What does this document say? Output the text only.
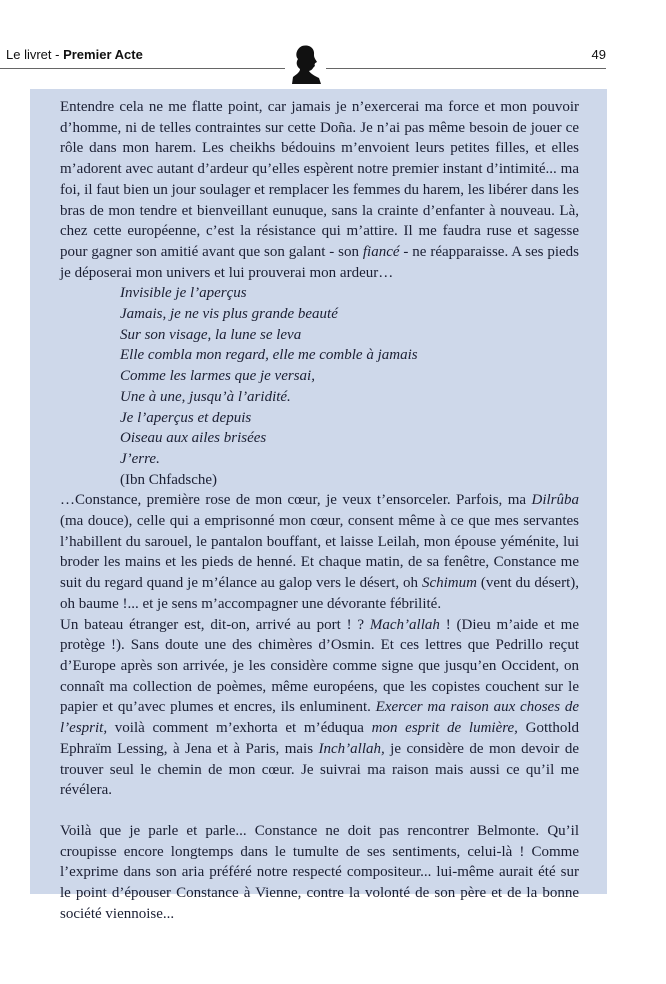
Le livret - Premier Acte	49

Entendre cela ne me flatte point, car jamais je n’exercerai ma force et mon pouvoir d’homme, ni de telles contraintes sur cette Doña. Je n’ai pas même besoin de jouer ce rôle dans mon harem. Les cheikhs bédouins m’envoient leurs petites filles, et elles m’adorent avec autant d’ardeur qu’elles espèrent notre premier instant d’intimité... ma foi, il faut bien un jour soulager et remplacer les femmes du harem, les libérer dans les bras de mon tendre et bienveillant eunuque, sans la crainte d’enfanter à nouveau. Là, chez cette européenne, c’est la résistance qui m’attire. Il me faudra ruse et sagesse pour gagner son amitié avant que son galant - son fiancé - ne réapparaisse. A ses pieds je déposerai mon univers et lui prouverai mon ardeur…

Invisible je l’aperçus
Jamais, je ne vis plus grande beauté
Sur son visage, la lune se leva
Elle combla mon regard, elle me comble à jamais
Comme les larmes que je versai,
Une à une, jusqu’à l’aridité.
Je l’aperçus et depuis
Oiseau aux ailes brisées
J’erre.
(Ibn Chfadsche)

…Constance, première rose de mon cœur, je veux t’ensorceler. Parfois, ma Dilrûba (ma douce), celle qui a emprisonné mon cœur, consent même à ce que mes servantes l’habillent du sarouel, le pantalon bouffant, et laisse Leilah, mon épouse yéménite, lui broder les mains et les pieds de henné. Et chaque matin, de sa fenêtre, Constance me suit du regard quand je m’élance au galop vers le désert, oh Schimum (vent du désert), oh baume !... et je sens m’accompagner une dévorante fébrilité.

Un bateau étranger est, dit-on, arrivé au port ! ? Mach’allah ! (Dieu m’aide et me protège !). Sans doute une des chimères d’Osmin. Et ces lettres que Pedrillo reçut d’Europe après son arrivée, je les considère comme signe que jusqu’en Occident, on connaît ma collection de poèmes, même européens, que les copistes couchent sur le papier et qu’avec plumes et encres, ils enluminent. Exercer ma raison aux choses de l’esprit, voilà comment m’exhorta et m’éduqua mon esprit de lumière, Gotthold Ephraïm Lessing, à Jena et à Paris, mais Inch’allah, je considère de mon devoir de trouver seul le chemin de mon cœur. Je suivrai ma raison mais aussi ce qu’il me révélera.

Voilà que je parle et parle... Constance ne doit pas rencontrer Belmonte. Qu’il croupisse encore longtemps dans le tumulte de ses sentiments, celui-là ! Comme l’exprime dans son aria préféré notre respecté compositeur... lui-même aurait été sur le point d’épouser Constance à Vienne, contre la volonté de son père et de la bonne société viennoise...
